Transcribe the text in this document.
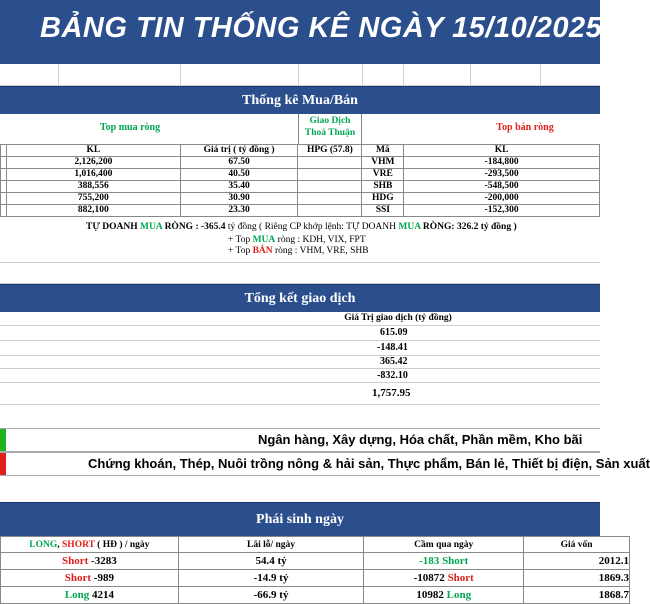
BẢNG TIN THỐNG KÊ NGÀY 15/10/2025
Thống kê Mua/Bán
Top mua ròng
Giao Dịch
Thoả Thuận	Top bán ròng
	KL	Giá trị ( tỷ đồng )	HPG (57.8)	Mã	KL
	2,126,200	67.50		VHM	-184,800
	1,016,400	40.50		VRE	-293,500
	388,556	35.40		SHB	-548,500
	755,200	30.90		HDG	-200,000
	882,100	23.30		SSI	-152,300
TỰ DOANH MUA RÒNG : -365.4 tỷ đồng ( Riêng CP khớp lệnh: TỰ DOANH MUA RÒNG: 326.2 tỷ đồng )
+ Top MUA ròng : KDH, VIX, FPT
+ Top BÁN ròng : VHM, VRE, SHB
Tổng kết giao dịch
Giá Trị giao dịch (tỷ đồng)
615.09
-148.41
365.42
-832.10
1,757.95
Ngân hàng, Xây dựng, Hóa chất, Phần mềm, Kho bãi
Chứng khoán, Thép, Nuôi trồng nông & hải sản, Thực phẩm, Bán lẻ, Thiết bị điện, Sản xuất
Phái sinh ngày
LONG, SHORT ( HĐ ) / ngày	Lãi lỗ/ ngày	Cầm qua ngày	Giá vốn
Short -3283	54.4 tỷ	-183 Short	2012.1
Short -989	-14.9 tỷ	-10872 Short	1869.3
Long 4214	-66.9 tỷ	10982 Long	1868.7
